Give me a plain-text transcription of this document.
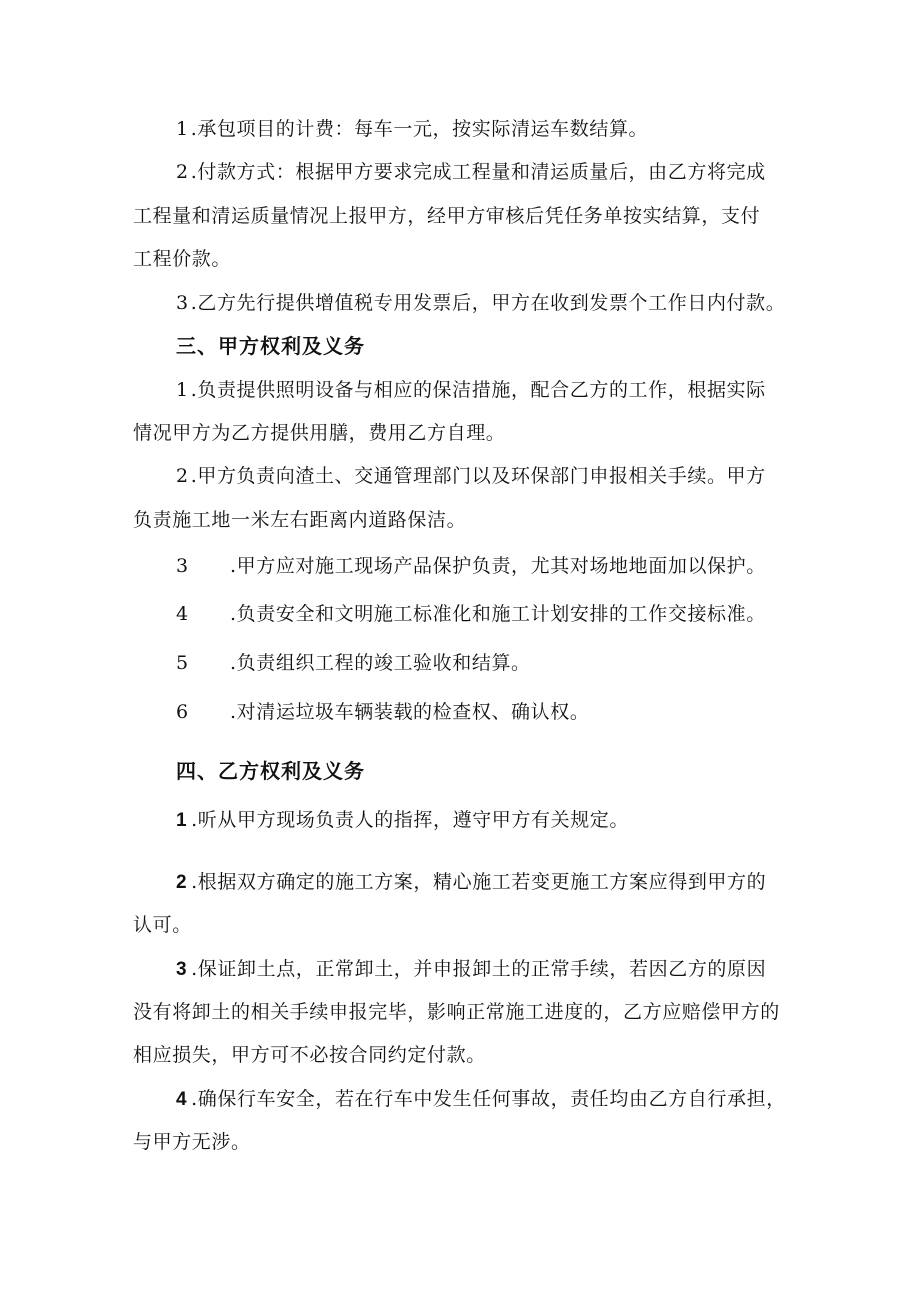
1 .承包项目的计费：每车一元，按实际清运车数结算。
2 .付款方式：根据甲方要求完成工程量和清运质量后，由乙方将完成
工程量和清运质量情况上报甲方，经甲方审核后凭任务单按实结算，支付
工程价款。
3 .乙方先行提供增值税专用发票后，甲方在收到发票个工作日内付款。
三、甲方权利及义务
1 .负责提供照明设备与相应的保洁措施，配合乙方的工作，根据实际
情况甲方为乙方提供用膳，费用乙方自理。
2 .甲方负责向渣土、交通管理部门以及环保部门申报相关手续。甲方
负责施工地一米左右距离内道路保洁。
3 .甲方应对施工现场产品保护负责，尤其对场地地面加以保护。
4 .负责安全和文明施工标准化和施工计划安排的工作交接标准。
5 .负责组织工程的竣工验收和结算。
6 .对清运垃圾车辆装载的检查权、确认权。
四、乙方权利及义务
1 .听从甲方现场负责人的指挥，遵守甲方有关规定。
2 .根据双方确定的施工方案，精心施工若变更施工方案应得到甲方的
认可。
3 .保证卸土点，正常卸土，并申报卸土的正常手续，若因乙方的原因
没有将卸土的相关手续申报完毕，影响正常施工进度的，乙方应赔偿甲方的
相应损失，甲方可不必按合同约定付款。
4 .确保行车安全，若在行车中发生任何事故，责任均由乙方自行承担，
与甲方无涉。
